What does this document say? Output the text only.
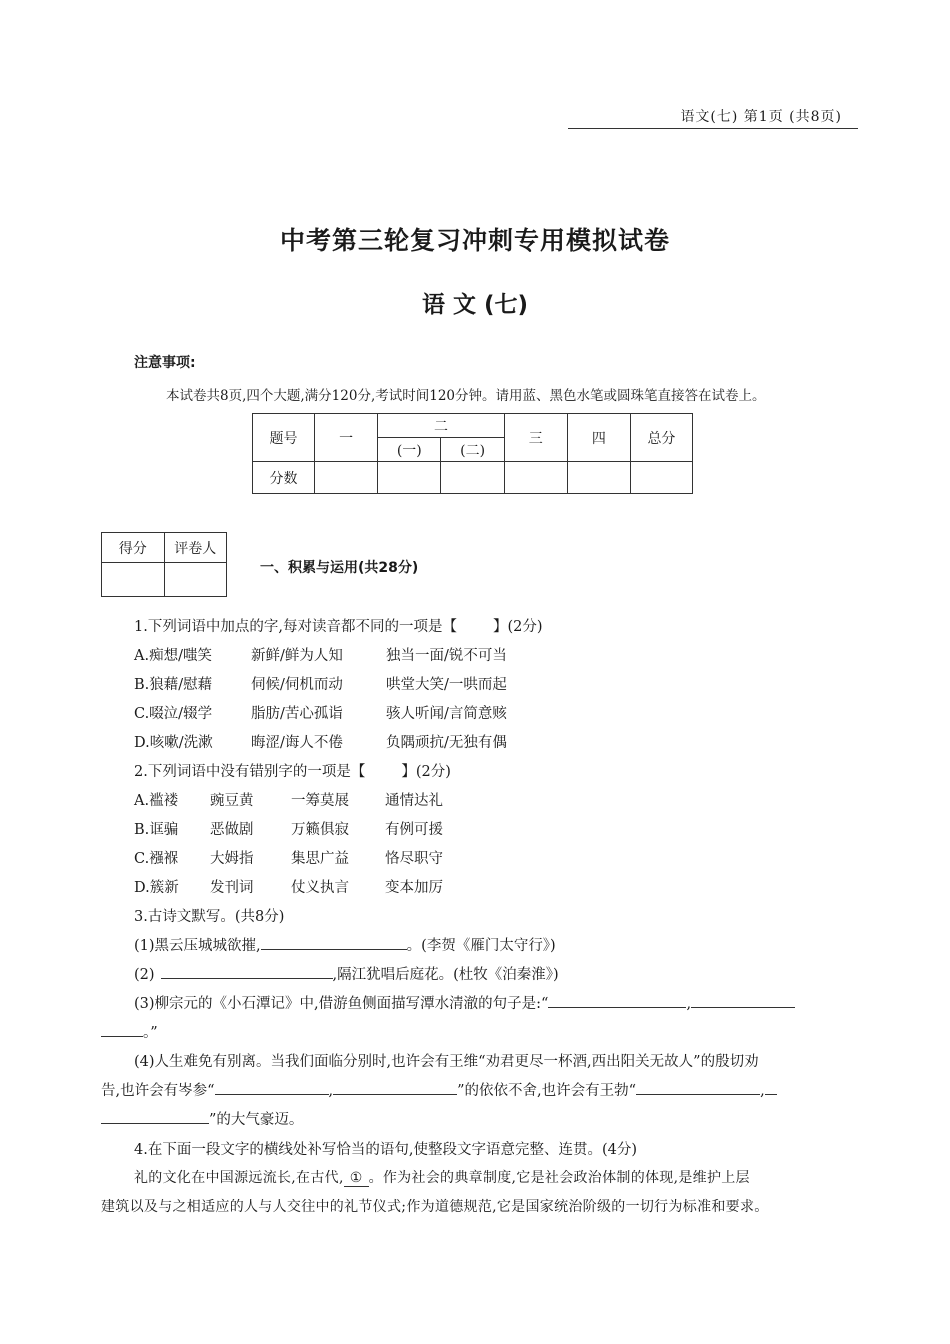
语文(七) 第1页 (共8页)
中考第三轮复习冲刺专用模拟试卷
语 文 (七)
注意事项:
本试卷共8页,四个大题,满分120分,考试时间120分钟。请用蓝、黑色水笔或圆珠笔直接答在试卷上。
题号	一	二		三	四	总分
		(一)	(二)			
分数						
得分	评卷人

一、积累与运用(共28分)
1.下列词语中加点的字,每对读音都不同的一项是【 】(2分)
A.痴想/嗤笑	新鲜/鲜为人知	独当一面/锐不可当
B.狼藉/慰藉	伺候/伺机而动	哄堂大笑/一哄而起
C.啜泣/辍学	脂肪/苦心孤诣	骇人听闻/言简意赅
D.咳嗽/洗漱	晦涩/诲人不倦	负隅顽抗/无独有偶
2.下列词语中没有错别字的一项是【 】(2分)
A.褴褛 豌豆黄	一筹莫展 通情达礼
B.诓骗 恶做剧	万籁俱寂 有例可援
C.襁褓 大姆指	集思广益 恪尽职守
D.簇新 发刊词	仗义执言 变本加厉
3.古诗文默写。(共8分)
(1)黑云压城城欲摧,	。(李贺《雁门太守行》)
(2)	,隔江犹唱后庭花。(杜牧《泊秦淮》)
(3)柳宗元的《小石潭记》中,借游鱼侧面描写潭水清澈的句子是:“	,
。”
(4)人生难免有别离。当我们面临分别时,也许会有王维“劝君更尽一杯酒,西出阳关无故人”的殷切劝
告,也许会有岑参“	,	”的依依不舍,也许会有王勃“	,
”的大气豪迈。
4.在下面一段文字的横线处补写恰当的语句,使整段文字语意完整、连贯。(4分)
礼的文化在中国源远流长,在古代, ① 。作为社会的典章制度,它是社会政治体制的体现,是维护上层
建筑以及与之相适应的人与人交往中的礼节仪式;作为道德规范,它是国家统治阶级的一切行为标准和要求。
